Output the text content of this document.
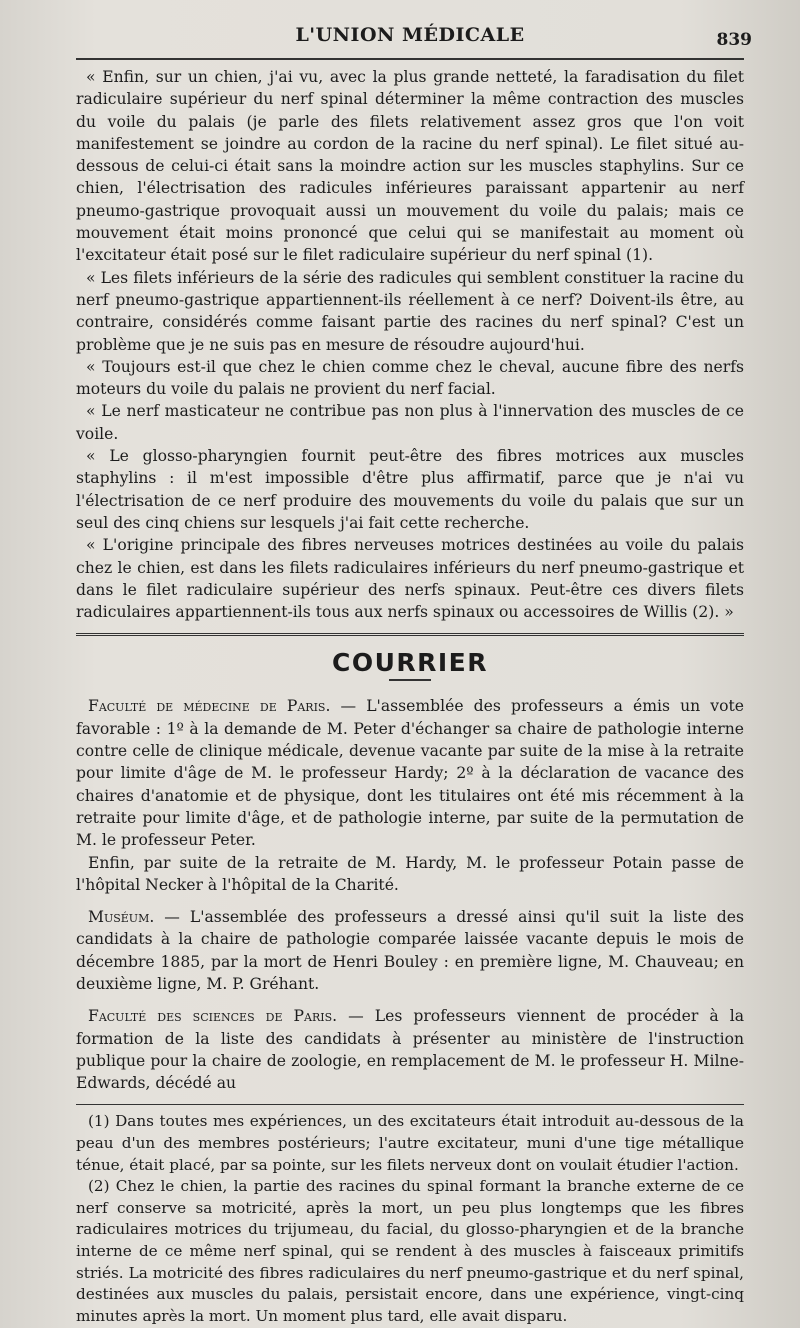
L'UNION MÉDICALE	839

« Enfin, sur un chien, j'ai vu, avec la plus grande netteté, la faradisation du filet radiculaire supérieur du nerf spinal déterminer la même contraction des muscles du voile du palais (je parle des filets relativement assez gros que l'on voit manifestement se joindre au cordon de la racine du nerf spinal). Le filet situé au-dessous de celui-ci était sans la moindre action sur les muscles staphylins. Sur ce chien, l'électrisation des radicules inférieures paraissant appartenir au nerf pneumo-gastrique provoquait aussi un mouvement du voile du palais; mais ce mouvement était moins prononcé que celui qui se manifestait au moment où l'excitateur était posé sur le filet radiculaire supérieur du nerf spinal (1).

« Les filets inférieurs de la série des radicules qui semblent constituer la racine du nerf pneumo-gastrique appartiennent-ils réellement à ce nerf? Doivent-ils être, au contraire, considérés comme faisant partie des racines du nerf spinal? C'est un problème que je ne suis pas en mesure de résoudre aujourd'hui.

« Toujours est-il que chez le chien comme chez le cheval, aucune fibre des nerfs moteurs du voile du palais ne provient du nerf facial.

« Le nerf masticateur ne contribue pas non plus à l'innervation des muscles de ce voile.

« Le glosso-pharyngien fournit peut-être des fibres motrices aux muscles staphylins : il m'est impossible d'être plus affirmatif, parce que je n'ai vu l'électrisation de ce nerf produire des mouvements du voile du palais que sur un seul des cinq chiens sur lesquels j'ai fait cette recherche.

« L'origine principale des fibres nerveuses motrices destinées au voile du palais chez le chien, est dans les filets radiculaires inférieurs du nerf pneumo-gastrique et dans le filet radiculaire supérieur des nerfs spinaux. Peut-être ces divers filets radiculaires appartiennent-ils tous aux nerfs spinaux ou accessoires de Willis (2). »

COURRIER

Faculté de médecine de Paris. — L'assemblée des professeurs a émis un vote favorable : 1º à la demande de M. Peter d'échanger sa chaire de pathologie interne contre celle de clinique médicale, devenue vacante par suite de la mise à la retraite pour limite d'âge de M. le professeur Hardy; 2º à la déclaration de vacance des chaires d'anatomie et de physique, dont les titulaires ont été mis récemment à la retraite pour limite d'âge, et de pathologie interne, par suite de la permutation de M. le professeur Peter.

Enfin, par suite de la retraite de M. Hardy, M. le professeur Potain passe de l'hôpital Necker à l'hôpital de la Charité.

Muséum. — L'assemblée des professeurs a dressé ainsi qu'il suit la liste des candidats à la chaire de pathologie comparée laissée vacante depuis le mois de décembre 1885, par la mort de Henri Bouley : en première ligne, M. Chauveau; en deuxième ligne, M. P. Gréhant.

Faculté des sciences de Paris. — Les professeurs viennent de procéder à la formation de la liste des candidats à présenter au ministère de l'instruction publique pour la chaire de zoologie, en remplacement de M. le professeur H. Milne-Edwards, décédé au

(1) Dans toutes mes expériences, un des excitateurs était introduit au-dessous de la peau d'un des membres postérieurs; l'autre excitateur, muni d'une tige métallique ténue, était placé, par sa pointe, sur les filets nerveux dont on voulait étudier l'action.

(2) Chez le chien, la partie des racines du spinal formant la branche externe de ce nerf conserve sa motricité, après la mort, un peu plus longtemps que les fibres radiculaires motrices du trijumeau, du facial, du glosso-pharyngien et de la branche interne de ce même nerf spinal, qui se rendent à des muscles à faisceaux primitifs striés. La motricité des fibres radiculaires du nerf pneumo-gastrique et du nerf spinal, destinées aux muscles du palais, persistait encore, dans une expérience, vingt-cinq minutes après la mort. Un moment plus tard, elle avait disparu.
